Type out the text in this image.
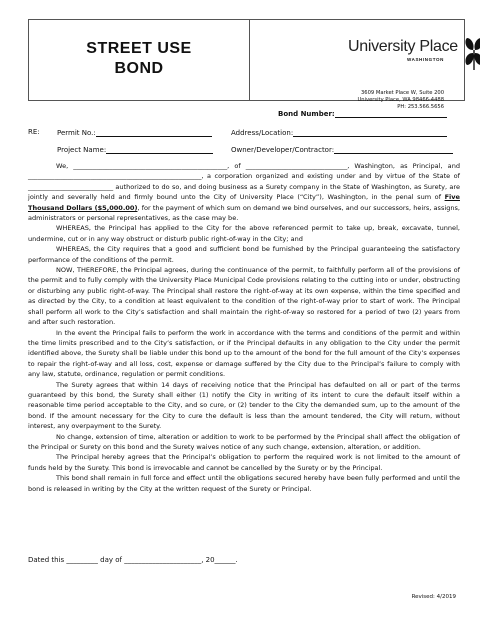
STREET USE
BOND
University Place
WASHINGTON
3609 Market Place W, Suite 200
University Place, WA 98466-4488
PH: 253.566.5656
Bond Number:
RE: Permit No.:	Address/Location:
Project Name:	Owner/Developer/Contractor:

We, _______________________________________________, of _______________________________, Washington, as Principal, and _____________________________________________________, a corporation organized and existing under and by virtue of the State of __________________________ authorized to do so, and doing business as a Surety company in the State of Washington, as Surety, are jointly and severally held and firmly bound unto the City of University Place (“City”), Washington, in the penal sum of Five Thousand Dollars ($5,000.00), for the payment of which sum on demand we bind ourselves, and our successors, heirs, assigns, administrators or personal representatives, as the case may be.

WHEREAS, the Principal has applied to the City for the above referenced permit to take up, break, excavate, tunnel, undermine, cut or in any way obstruct or disturb public right-of-way in the City; and

WHEREAS, the City requires that a good and sufficient bond be furnished by the Principal guaranteeing the satisfactory performance of the conditions of the permit.

NOW, THEREFORE, the Principal agrees, during the continuance of the permit, to faithfully perform all of the provisions of the permit and to fully comply with the University Place Municipal Code provisions relating to the cutting into or under, obstructing or disturbing any public right-of-way. The Principal shall restore the right-of-way at its own expense, within the time specified and as directed by the City, to a condition at least equivalent to the condition of the right-of-way prior to start of work. The Principal shall perform all work to the City’s satisfaction and shall maintain the right-of-way so restored for a period of two (2) years from and after such restoration.

In the event the Principal fails to perform the work in accordance with the terms and conditions of the permit and within the time limits prescribed and to the City’s satisfaction, or if the Principal defaults in any obligation to the City under the permit identified above, the Surety shall be liable under this bond up to the amount of the bond for the full amount of the City’s expenses to repair the right-of-way and all loss, cost, expense or damage suffered by the City due to the Principal’s failure to comply with any law, statute, ordinance, regulation or permit conditions.

The Surety agrees that within 14 days of receiving notice that the Principal has defaulted on all or part of the terms guaranteed by this bond, the Surety shall either (1) notify the City in writing of its intent to cure the default itself within a reasonable time period acceptable to the City, and so cure, or (2) tender to the City the demanded sum, up to the amount of the bond. If the amount necessary for the City to cure the default is less than the amount tendered, the City will return, without interest, any overpayment to the Surety.

No change, extension of time, alteration or addition to work to be performed by the Principal shall affect the obligation of the Principal or Surety on this bond and the Surety waives notice of any such change, extension, alteration, or addition.

The Principal hereby agrees that the Principal’s obligation to perform the required work is not limited to the amount of funds held by the Surety. This bond is irrevocable and cannot be cancelled by the Surety or by the Principal.

This bond shall remain in full force and effect until the obligations secured hereby have been fully performed and until the bond is released in writing by the City at the written request of the Surety or Principal.

Dated this _________ day of ______________________, 20______.
Revised: 4/2019
